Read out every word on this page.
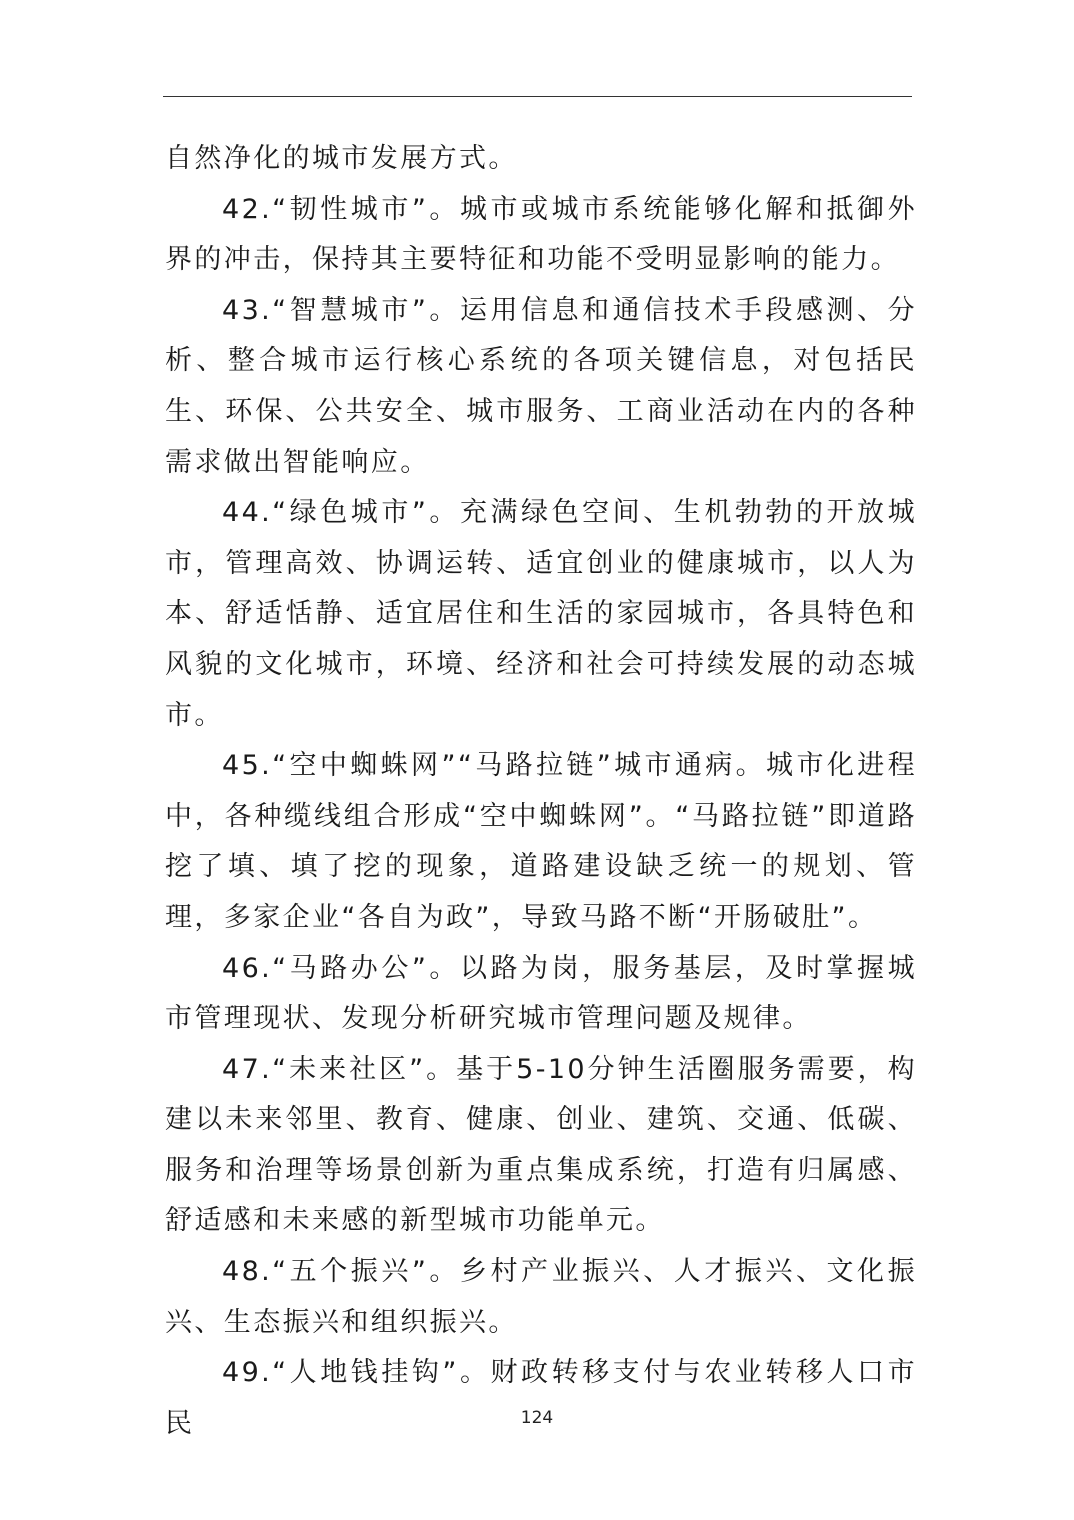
自然净化的城市发展方式。

42.“韧性城市”。城市或城市系统能够化解和抵御外界的冲击，保持其主要特征和功能不受明显影响的能力。

43.“智慧城市”。运用信息和通信技术手段感测、分析、整合城市运行核心系统的各项关键信息，对包括民生、环保、公共安全、城市服务、工商业活动在内的各种需求做出智能响应。

44.“绿色城市”。充满绿色空间、生机勃勃的开放城市，管理高效、协调运转、适宜创业的健康城市，以人为本、舒适恬静、适宜居住和生活的家园城市，各具特色和风貌的文化城市，环境、经济和社会可持续发展的动态城市。

45.“空中蜘蛛网”“马路拉链”城市通病。城市化进程中，各种缆线组合形成“空中蜘蛛网”。“马路拉链”即道路挖了填、填了挖的现象，道路建设缺乏统一的规划、管理，多家企业“各自为政”，导致马路不断“开肠破肚”。

46.“马路办公”。以路为岗，服务基层，及时掌握城市管理现状、发现分析研究城市管理问题及规律。

47.“未来社区”。基于5-10分钟生活圈服务需要，构建以未来邻里、教育、健康、创业、建筑、交通、低碳、服务和治理等场景创新为重点集成系统，打造有归属感、舒适感和未来感的新型城市功能单元。

48.“五个振兴”。乡村产业振兴、人才振兴、文化振兴、生态振兴和组织振兴。

49.“人地钱挂钩”。财政转移支付与农业转移人口市民	124
